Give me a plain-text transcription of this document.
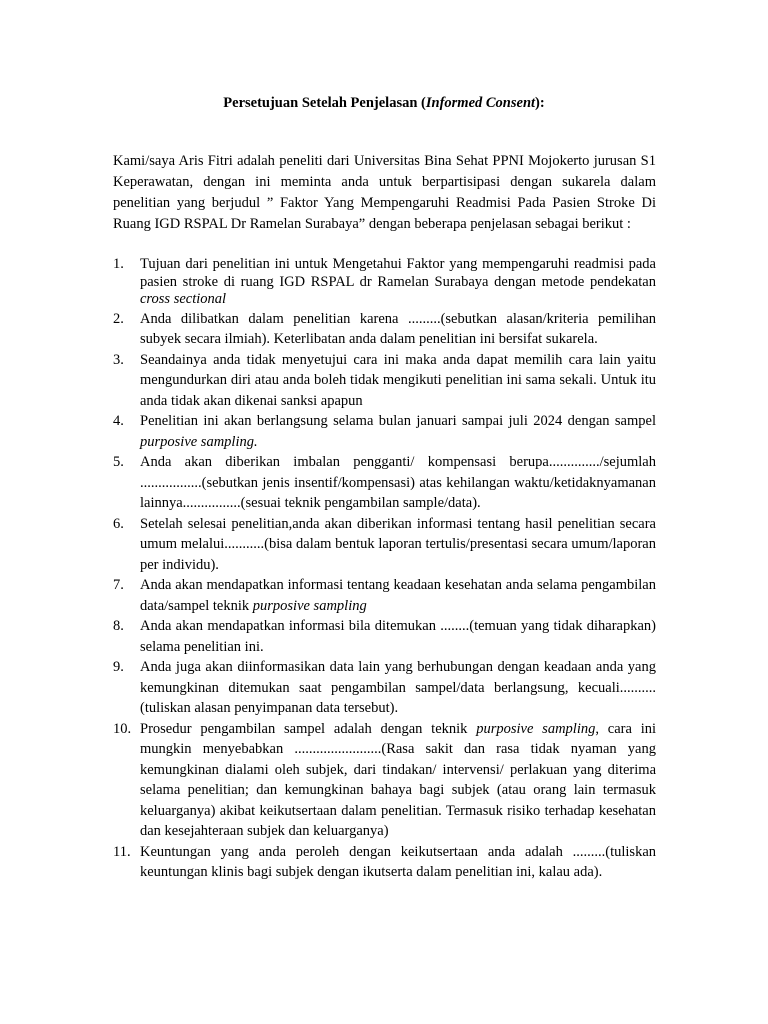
Persetujuan Setelah Penjelasan (Informed Consent):

Kami/saya Aris Fitri adalah peneliti dari Universitas Bina Sehat PPNI Mojokerto jurusan S1 Keperawatan, dengan ini meminta anda untuk berpartisipasi dengan sukarela dalam penelitian yang berjudul ” Faktor Yang Mempengaruhi Readmisi Pada Pasien Stroke Di Ruang IGD RSPAL Dr Ramelan Surabaya” dengan beberapa penjelasan sebagai berikut :

1. Tujuan dari penelitian ini untuk Mengetahui Faktor yang mempengaruhi readmisi pada pasien stroke di ruang IGD RSPAL dr Ramelan Surabaya dengan metode pendekatan cross sectional
2. Anda dilibatkan dalam penelitian karena .........(sebutkan alasan/kriteria pemilihan subyek secara ilmiah). Keterlibatan anda dalam penelitian ini bersifat sukarela.
3. Seandainya anda tidak menyetujui cara ini maka anda dapat memilih cara lain yaitu mengundurkan diri atau anda boleh tidak mengikuti penelitian ini sama sekali. Untuk itu anda tidak akan dikenai sanksi apapun
4. Penelitian ini akan berlangsung selama bulan januari sampai juli 2024 dengan sampel purposive sampling.
5. Anda akan diberikan imbalan pengganti/ kompensasi berupa............../sejumlah .................(sebutkan jenis insentif/kompensasi) atas kehilangan waktu/ketidaknyamanan lainnya................(sesuai teknik pengambilan sample/data).
6. Setelah selesai penelitian,anda akan diberikan informasi tentang hasil penelitian secara umum melalui...........(bisa dalam bentuk laporan tertulis/presentasi secara umum/laporan per individu).
7. Anda akan mendapatkan informasi tentang keadaan kesehatan anda selama pengambilan data/sampel teknik purposive sampling
8. Anda akan mendapatkan informasi bila ditemukan ........(temuan yang tidak diharapkan) selama penelitian ini.
9. Anda juga akan diinformasikan data lain yang berhubungan dengan keadaan anda yang kemungkinan ditemukan saat pengambilan sampel/data berlangsung, kecuali..........(tuliskan alasan penyimpanan data tersebut).
10. Prosedur pengambilan sampel adalah dengan teknik purposive sampling, cara ini mungkin menyebabkan ........................(Rasa sakit dan rasa tidak nyaman yang kemungkinan dialami oleh subjek, dari tindakan/ intervensi/ perlakuan yang diterima selama penelitian; dan kemungkinan bahaya bagi subjek (atau orang lain termasuk keluarganya) akibat keikutsertaan dalam penelitian. Termasuk risiko terhadap kesehatan dan kesejahteraan subjek dan keluarganya)
11. Keuntungan yang anda peroleh dengan keikutsertaan anda adalah .........(tuliskan keuntungan klinis bagi subjek dengan ikutserta dalam penelitian ini, kalau ada).
